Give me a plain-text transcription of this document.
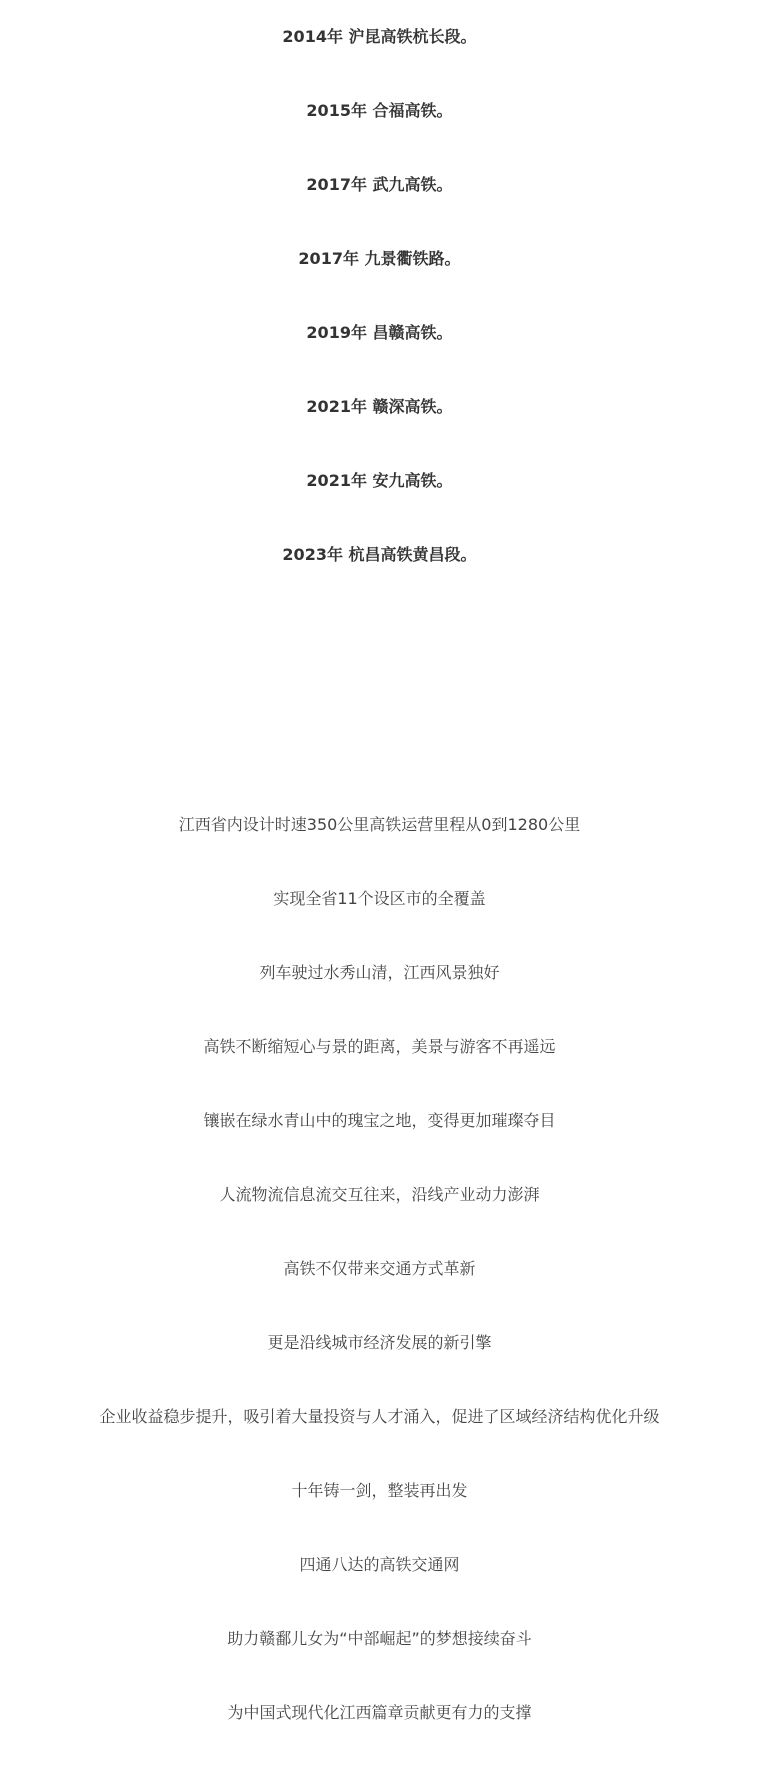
2014年 沪昆高铁杭长段。
2015年 合福高铁。
2017年 武九高铁。
2017年 九景衢铁路。
2019年 昌赣高铁。
2021年 赣深高铁。
2021年 安九高铁。
2023年 杭昌高铁黄昌段。
江西省内设计时速350公里高铁运营里程从0到1280公里
实现全省11个设区市的全覆盖
列车驶过水秀山清，江西风景独好
高铁不断缩短心与景的距离，美景与游客不再遥远
镶嵌在绿水青山中的瑰宝之地，变得更加璀璨夺目
人流物流信息流交互往来，沿线产业动力澎湃
高铁不仅带来交通方式革新
更是沿线城市经济发展的新引擎
企业收益稳步提升，吸引着大量投资与人才涌入，促进了区域经济结构优化升级
十年铸一剑，整装再出发
四通八达的高铁交通网
助力赣鄱儿女为“中部崛起”的梦想接续奋斗
为中国式现代化江西篇章贡献更有力的支撑
